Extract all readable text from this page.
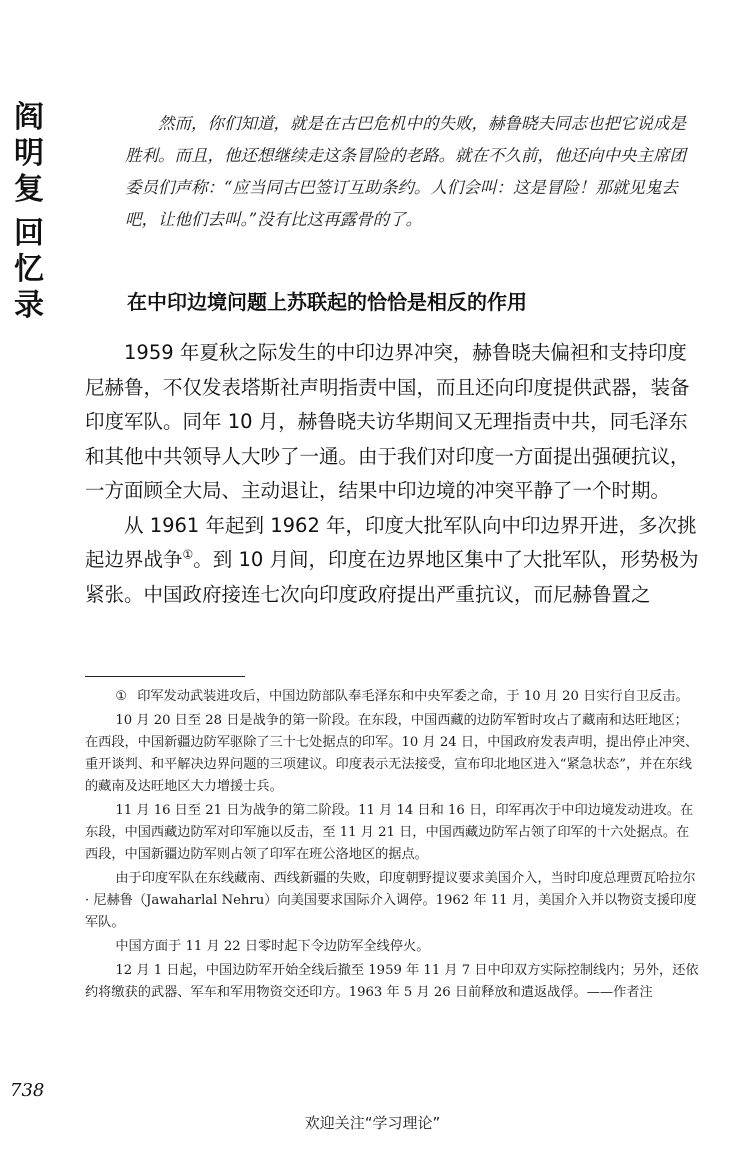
阎
明
复
回
忆
录

然而，你们知道，就是在古巴危机中的失败，赫鲁晓夫同志也把它说成是胜利。而且，他还想继续走这条冒险的老路。就在不久前，他还向中央主席团委员们声称：“应当同古巴签订互助条约。人们会叫：这是冒险！那就见鬼去吧，让他们去叫。”没有比这再露骨的了。

在中印边境问题上苏联起的恰恰是相反的作用

1959 年夏秋之际发生的中印边界冲突，赫鲁晓夫偏袒和支持印度尼赫鲁，不仅发表塔斯社声明指责中国，而且还向印度提供武器，装备印度军队。同年 10 月，赫鲁晓夫访华期间又无理指责中共，同毛泽东和其他中共领导人大吵了一通。由于我们对印度一方面提出强硬抗议，一方面顾全大局、主动退让，结果中印边境的冲突平静了一个时期。

从 1961 年起到 1962 年，印度大批军队向中印边界开进，多次挑起边界战争①。到 10 月间，印度在边界地区集中了大批军队，形势极为紧张。中国政府接连七次向印度政府提出严重抗议，而尼赫鲁置之

① 印军发动武装进攻后，中国边防部队奉毛泽东和中央军委之命，于 10 月 20 日实行自卫反击。

10 月 20 日至 28 日是战争的第一阶段。在东段，中国西藏的边防军暂时攻占了藏南和达旺地区；在西段，中国新疆边防军驱除了三十七处据点的印军。10 月 24 日，中国政府发表声明，提出停止冲突、重开谈判、和平解决边界问题的三项建议。印度表示无法接受，宣布印北地区进入“紧急状态”，并在东线的藏南及达旺地区大力增援士兵。

11 月 16 日至 21 日为战争的第二阶段。11 月 14 日和 16 日，印军再次于中印边境发动进攻。在东段，中国西藏边防军对印军施以反击，至 11 月 21 日，中国西藏边防军占领了印军的十六处据点。在西段，中国新疆边防军则占领了印军在班公洛地区的据点。

由于印度军队在东线藏南、西线新疆的失败，印度朝野提议要求美国介入，当时印度总理贾瓦哈拉尔 · 尼赫鲁（Jawaharlal Nehru）向美国要求国际介入调停。1962 年 11 月，美国介入并以物资支援印度军队。

中国方面于 11 月 22 日零时起下令边防军全线停火。

12 月 1 日起，中国边防军开始全线后撤至 1959 年 11 月 7 日中印双方实际控制线内；另外，还依约将缴获的武器、军车和军用物资交还印方。1963 年 5 月 26 日前释放和遣返战俘。——作者注

738
欢迎关注“学习理论”
